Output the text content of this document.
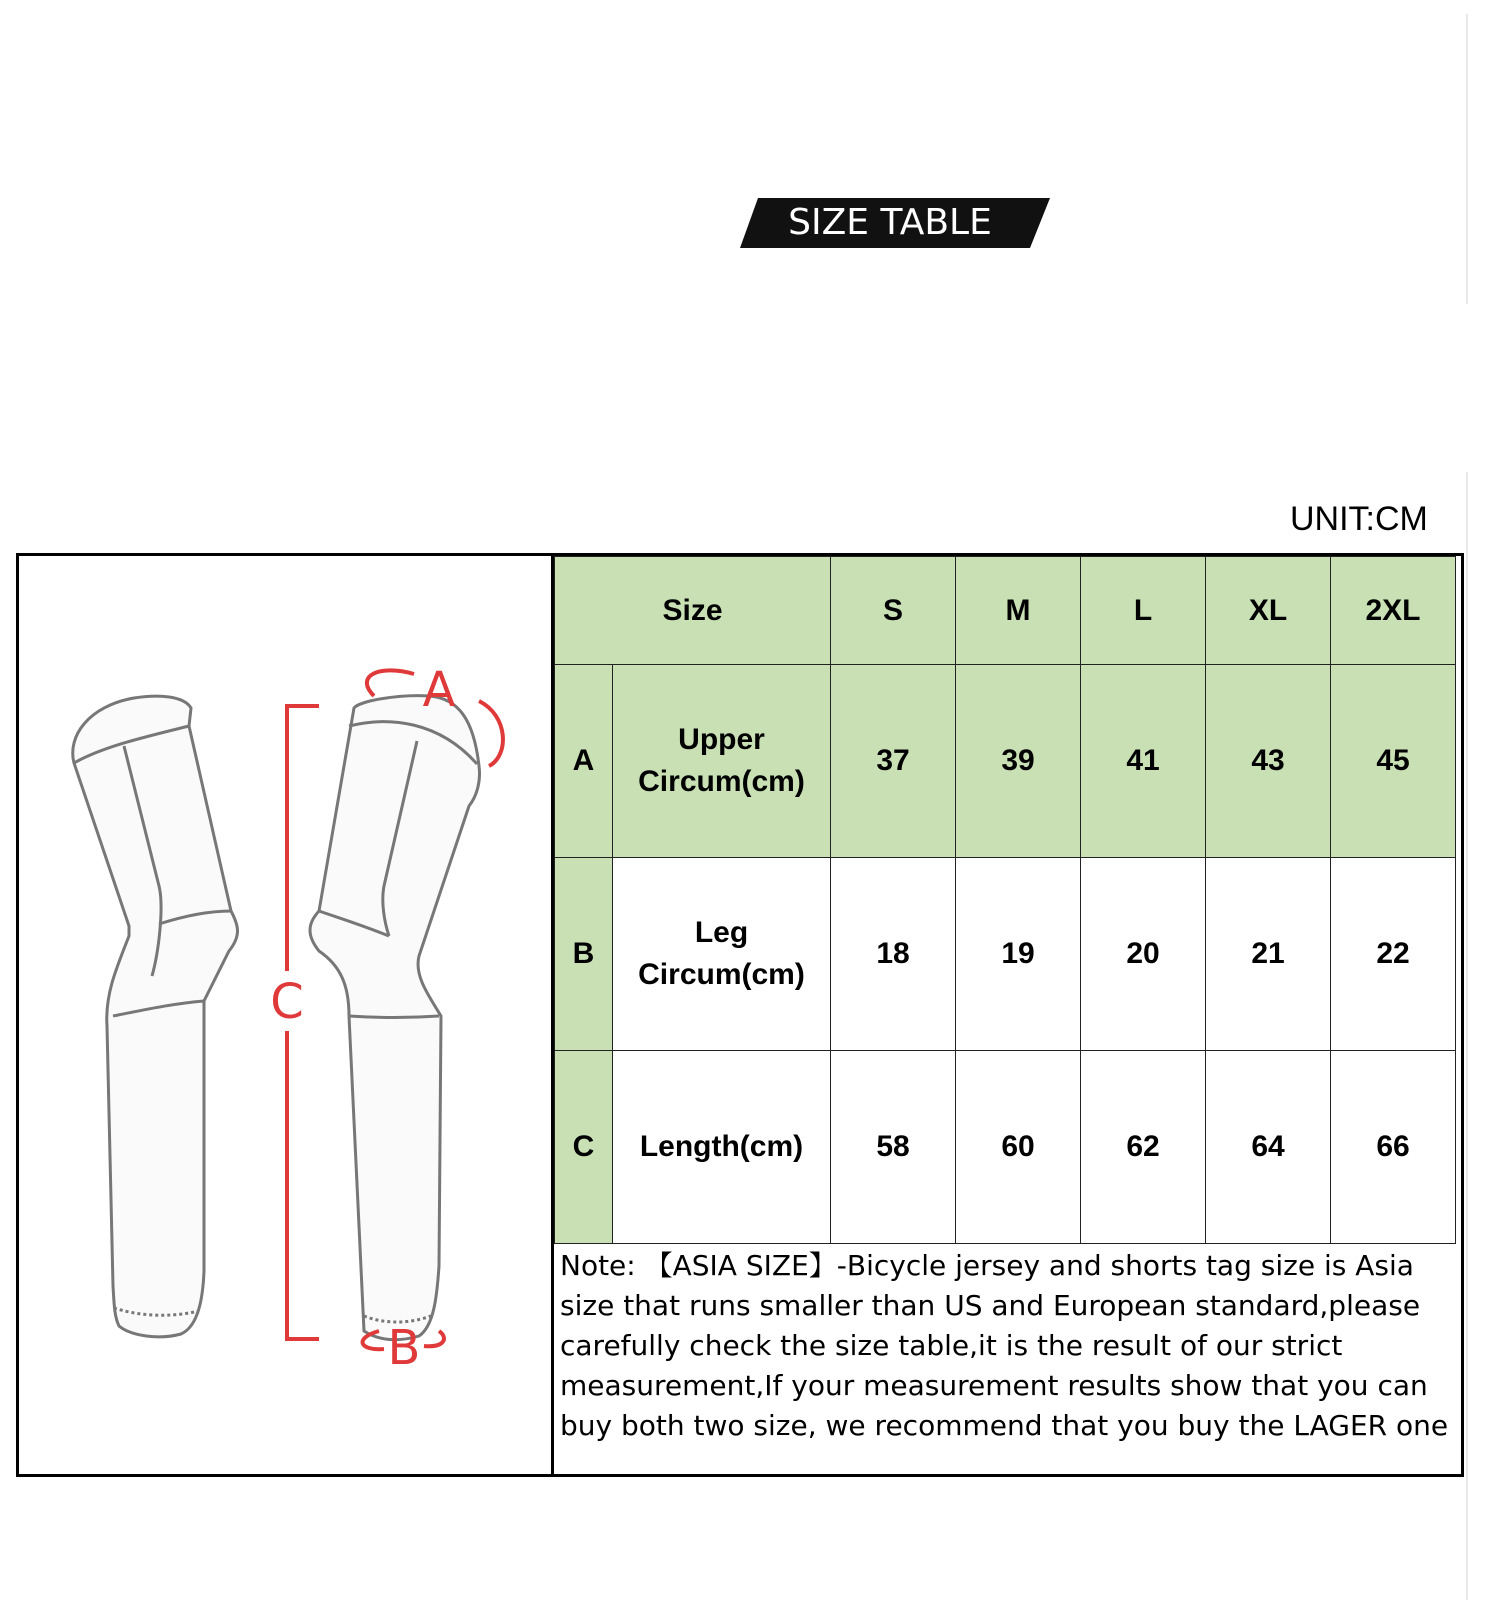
SIZE TABLE
UNIT:CM
C
A
B
Size		S	M	L	XL	2XL
A	Upper Circum(cm)	37	39	41	43	45
B	Leg Circum(cm)	18	19	20	21	22
C	Length(cm)	58	60	62	64	66
Note: 【ASIA SIZE】-Bicycle jersey and shorts tag size is Asia size that runs smaller than US and European standard,please carefully check the size table,it is the result of our strict measurement,If your measurement results show that you can buy both two size, we recommend that you buy the LAGER one
